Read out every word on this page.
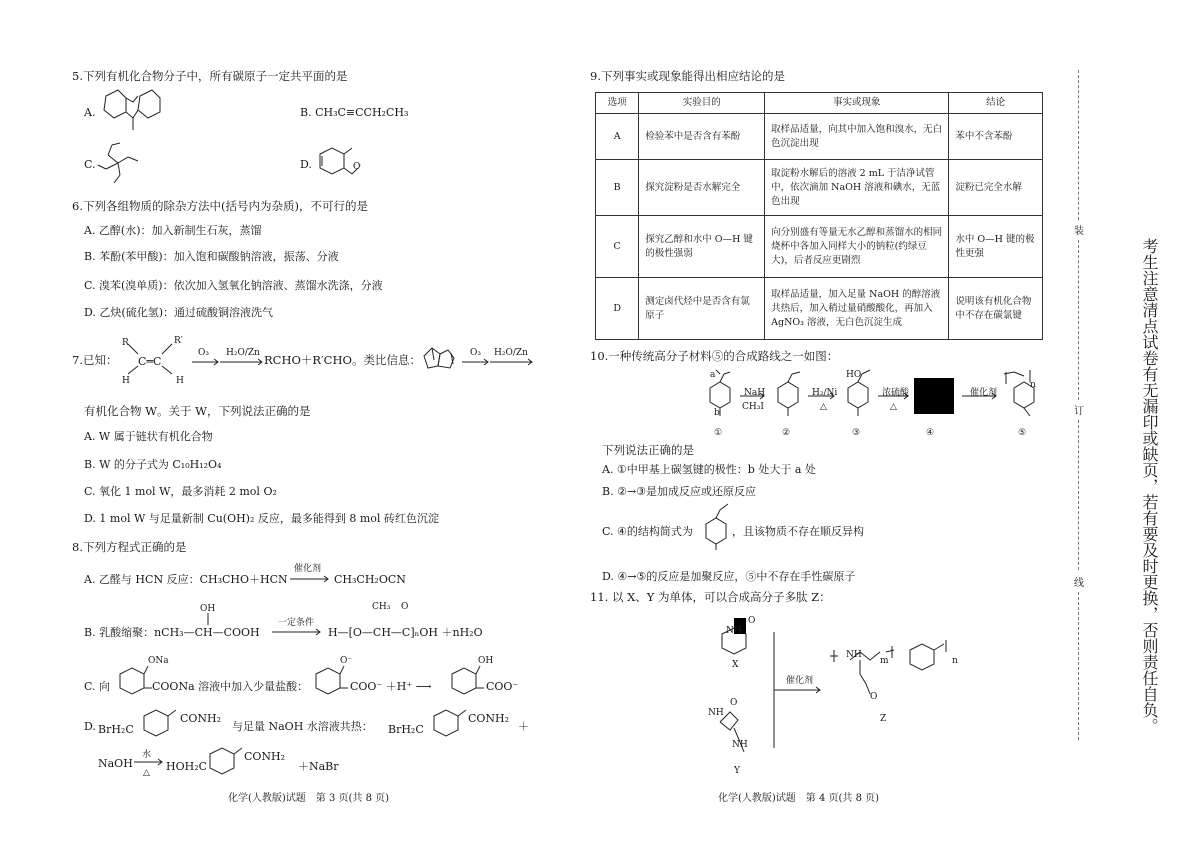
5.下列有机化合物分子中，所有碳原子一定共平面的是
A.	B. CH₃C≡CCH₂CH₃
C.	D.	O
6.下列各组物质的除杂方法中(括号内为杂质)，不可行的是
A. 乙醇(水)：加入新制生石灰，蒸馏
B. 苯酚(苯甲酸)：加入饱和碳酸钠溶液，振荡、分液
C. 溴苯(溴单质)：依次加入氢氧化钠溶液、蒸馏水洗涤，分液
D. 乙炔(硫化氢)：通过硫酸铜溶液洗气
7.已知：
R	R′
H	H
C═C
O₃ H₂O/Zn RCHO＋R′CHO。类比信息：	O₃ H₂O/Zn
有机化合物 W。关于 W，下列说法正确的是
A. W 属于链状有机化合物
B. W 的分子式为 C₁₀H₁₂O₄
C. 氧化 1 mol W，最多消耗 2 mol O₂
D. 1 mol W 与足量新制 Cu(OH)₂ 反应，最多能得到 8 mol 砖红色沉淀
8.下列方程式正确的是
A. 乙醛与 HCN 反应：CH₃CHO＋HCN
催化剂
CH₃CH₂OCN
OH
B. 乳酸缩聚：nCH₃—CH—COOH
一定条件
CH₃ O
H—[O—CH—C]ₙOH ＋nH₂O
ONa
C. 向	COONa 溶液中加入少量盐酸：
O⁻
COO⁻ ＋H⁺ ⟶
OH
COO⁻
D. BrH₂C
CONH₂
与足量 NaOH 水溶液共热： BrH₂C
CONH₂
＋
NaOH
水
△ HOH₂C
CONH₂
＋NaBr
化学(人教版)试题　第 3 页(共 8 页)
9.下列事实或现象能得出相应结论的是
选项	实验目的	事实或现象	结论
A	检验苯中是否含有苯酚	取样品适量，向其中加入饱和溴水，无白色沉淀出现	苯中不含苯酚
B	探究淀粉是否水解完全	取淀粉水解后的溶液 2 mL 于洁净试管中，依次滴加 NaOH 溶液和碘水，无蓝色出现	淀粉已完全水解
C	探究乙醇和水中 O—H 键的极性强弱	向分别盛有等量无水乙醇和蒸馏水的相同烧杯中各加入同样大小的钠粒(约绿豆大)，后者反应更剧烈	水中 O—H 键的极性更强
D	测定卤代烃中是否含有氯原子	取样品适量，加入足量 NaOH 的醇溶液共热后，加入稍过量硝酸酸化，再加入 AgNO₃ 溶液，无白色沉淀生成	说明该有机化合物中不存在碳氯键
10.一种传统高分子材料⑤的合成路线之一如图：
a
b
NaH
CH₃I
HO
H₂/Ni
△
浓硫酸
△
催化剂
n
①	②	③	④	⑤
下列说法正确的是
A. ①中甲基上碳氢键的极性：b 处大于 a 处
B. ②→③是加成反应或还原反应
C. ④的结构简式为	，且该物质不存在顺反异构
D. ④→⑤的反应是加聚反应，⑤中不存在手性碳原子
11. 以 X、Y 为单体，可以合成高分子多肽 Z：
NH
O
X
NH
O
NH
Y
催化剂
NH
m	n
O
Z
化学(人教版)试题　第 4 页(共 8 页)
装
订
线	考生注意清点试卷有无漏印或缺页，若有要及时更换，否则责任自负。
